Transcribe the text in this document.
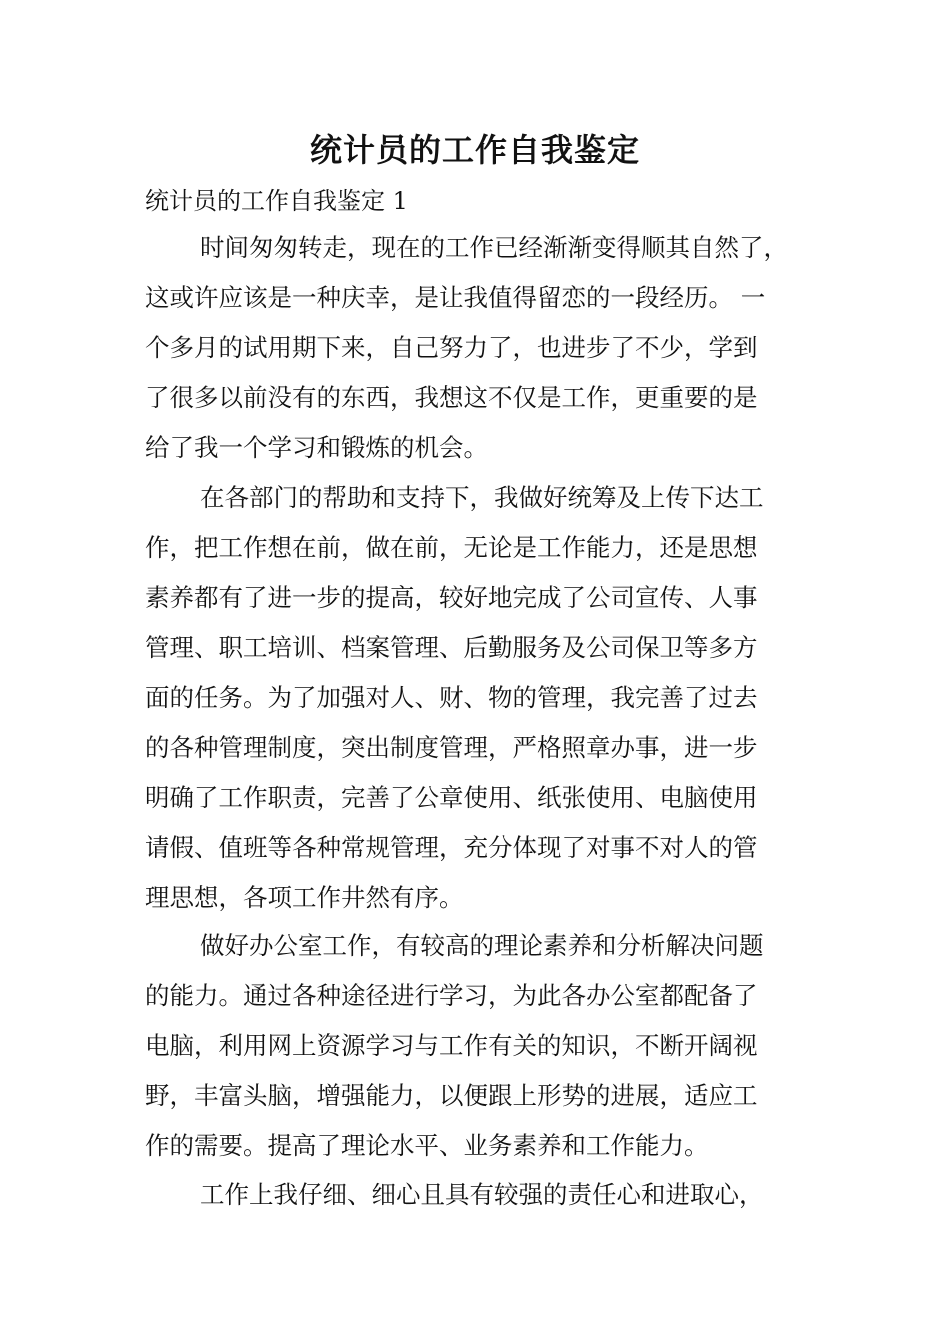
统计员的工作自我鉴定
统计员的工作自我鉴定 1
时间匆匆转走，现在的工作已经渐渐变得顺其自然了，
这或许应该是一种庆幸，是让我值得留恋的一段经历。 一
个多月的试用期下来，自己努力了，也进步了不少，学到
了很多以前没有的东西，我想这不仅是工作，更重要的是
给了我一个学习和锻炼的机会。
在各部门的帮助和支持下，我做好统筹及上传下达工
作，把工作想在前，做在前，无论是工作能力，还是思想
素养都有了进一步的提高，较好地完成了公司宣传、人事
管理、职工培训、档案管理、后勤服务及公司保卫等多方
面的任务。为了加强对人、财、物的管理，我完善了过去
的各种管理制度，突出制度管理，严格照章办事，进一步
明确了工作职责，完善了公章使用、纸张使用、电脑使用
请假、值班等各种常规管理，充分体现了对事不对人的管
理思想，各项工作井然有序。
做好办公室工作，有较高的理论素养和分析解决问题
的能力。通过各种途径进行学习，为此各办公室都配备了
电脑，利用网上资源学习与工作有关的知识，不断开阔视
野，丰富头脑，增强能力，以便跟上形势的进展，适应工
作的需要。提高了理论水平、业务素养和工作能力。
工作上我仔细、细心且具有较强的责任心和进取心，
